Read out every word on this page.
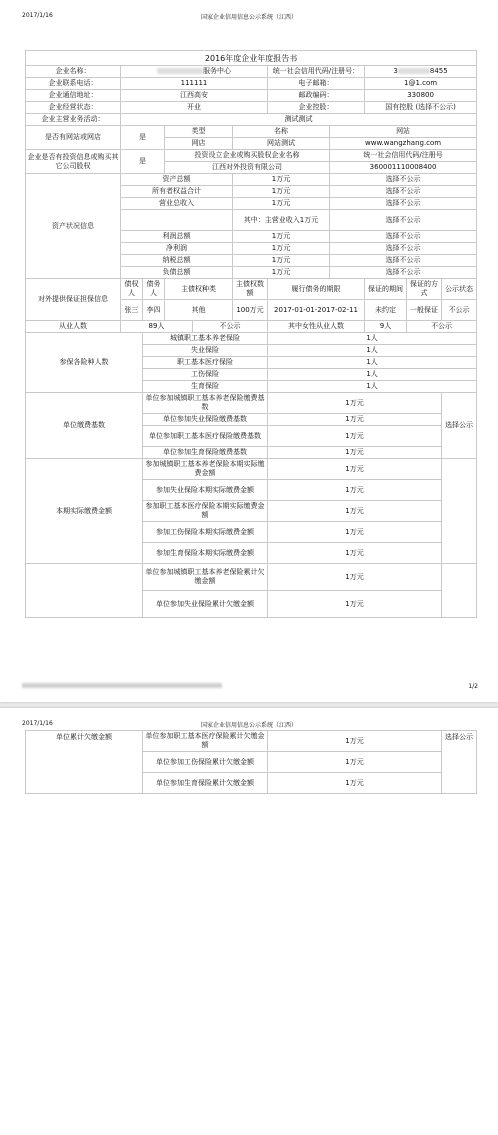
2017/1/16	国家企业信用信息公示系统（江西）
2016年度企业年度报告书										
企业名称：	服务中心					统一社会信用代码/注册号：		3 8455		
企业联系电话：	111111					电子邮箱：		1@1.com		
企业通信地址：	江西高安					邮政编码：		330800		
企业经营状态：	开业					企业控股：		国有控股 (选择不公示)		
企业主营业务活动：	测试测试									
是否有网站或网店	是		类型		名称		网站			
			网店		网站测试		www.wangzhang.com			
企业是否有投资信息或购买其它公司股权	是		投资设立企业或购买股权企业名称				统一社会信用代码/注册号			
			江西对外投资有限公司				360001110008400			
资产状况信息	资产总额				1万元		选择不公示			
	所有者权益合计				1万元		选择不公示			
	营业总收入				1万元		选择不公示			
					其中：主营业收入1万元		选择不公示			
	利润总额				1万元		选择不公示			
	净利润				1万元		选择不公示			
	纳税总额				1万元		选择不公示			
	负债总额				1万元		选择不公示			
对外提供保证担保信息	债权人	债务人	主债权种类		主债权数额	履行债务的期限		保证的期间	保证的方式	公示状态
	张三	李四	其他		100万元	2017-01-01-2017-02-11		未约定	一般保证	不公示
从业人数	89人			不公示		其中女性从业人数		9人	不公示	
参保各险种人数		城镇职工基本养老保险				1人				
		失业保险				1人				
		职工基本医疗保险				1人				
		工伤保险				1人				
		生育保险				1人				
单位缴费基数		单位参加城镇职工基本养老保险缴费基数				1万元				选择公示
		单位参加失业保险缴费基数				1万元				
		单位参加职工基本医疗保险缴费基数				1万元				
		单位参加生育保险缴费基数				1万元				
本期实际缴费金额		参加城镇职工基本养老保险本期实际缴费金额				1万元				
		参加失业保险本期实际缴费金额				1万元				
		参加职工基本医疗保险本期实际缴费金额				1万元				
		参加工伤保险本期实际缴费金额				1万元				
		参加生育保险本期实际缴费金额				1万元				
		单位参加城镇职工基本养老保险累计欠缴金额				1万元				
		单位参加失业保险累计欠缴金额				1万元				
1/2
2017/1/16	国家企业信用信息公示系统（江西）
单位累计欠缴金额	单位参加职工基本医疗保险累计欠缴金额	1万元	选择公示
	单位参加工伤保险累计欠缴金额	1万元	
	单位参加生育保险累计欠缴金额	1万元	
